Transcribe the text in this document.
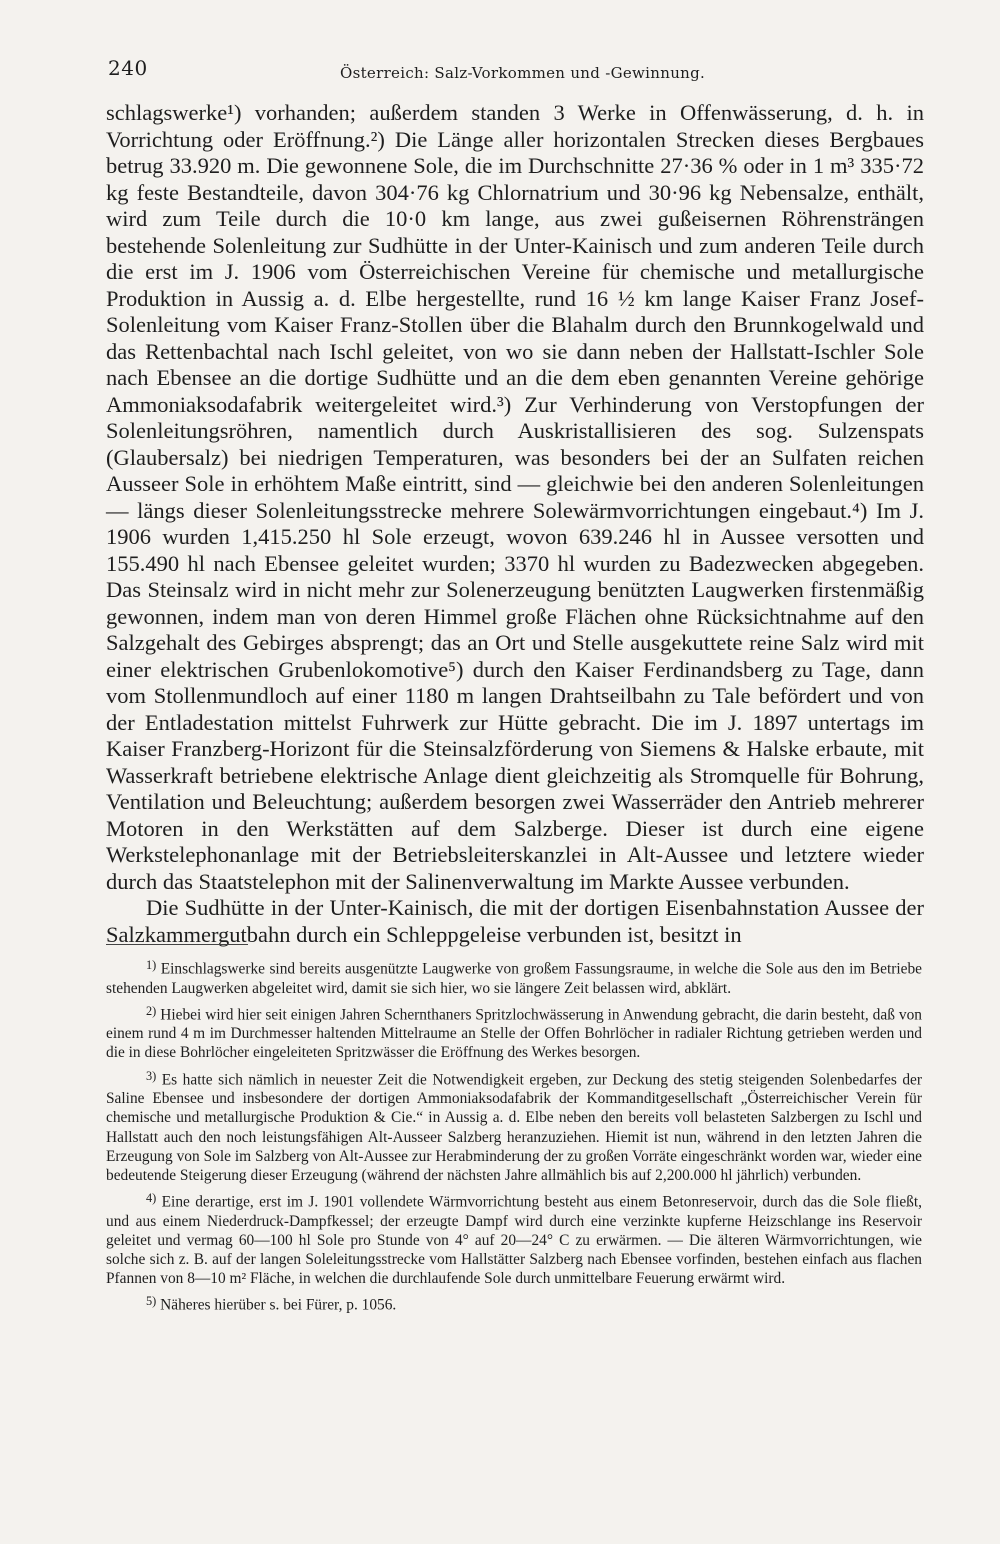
240	Österreich: Salz-Vorkommen und -Gewinnung.

schlagswerke¹) vorhanden; außerdem standen 3 Werke in Offenwässerung, d. h. in Vorrichtung oder Eröffnung.²) Die Länge aller horizontalen Strecken dieses Bergbaues betrug 33.920 m. Die gewonnene Sole, die im Durchschnitte 27·36 % oder in 1 m³ 335·72 kg feste Bestandteile, davon 304·76 kg Chlornatrium und 30·96 kg Nebensalze, enthält, wird zum Teile durch die 10·0 km lange, aus zwei gußeisernen Röhrensträngen bestehende Solenleitung zur Sudhütte in der Unter-Kainisch und zum anderen Teile durch die erst im J. 1906 vom Österreichischen Vereine für chemische und metallurgische Produktion in Aussig a. d. Elbe hergestellte, rund 16 ½ km lange Kaiser Franz Josef-Solenleitung vom Kaiser Franz-Stollen über die Blahalm durch den Brunnkogelwald und das Rettenbachtal nach Ischl geleitet, von wo sie dann neben der Hallstatt-Ischler Sole nach Ebensee an die dortige Sudhütte und an die dem eben genannten Vereine gehörige Ammoniaksodafabrik weitergeleitet wird.³) Zur Verhinderung von Verstopfungen der Solenleitungsröhren, namentlich durch Auskristallisieren des sog. Sulzenspats (Glaubersalz) bei niedrigen Temperaturen, was besonders bei der an Sulfaten reichen Ausseer Sole in erhöhtem Maße eintritt, sind — gleichwie bei den anderen Solenleitungen — längs dieser Solenleitungsstrecke mehrere Solewärmvorrichtungen eingebaut.⁴) Im J. 1906 wurden 1,415.250 hl Sole erzeugt, wovon 639.246 hl in Aussee versotten und 155.490 hl nach Ebensee geleitet wurden; 3370 hl wurden zu Badezwecken abgegeben. Das Steinsalz wird in nicht mehr zur Solenerzeugung benützten Laugwerken firstenmäßig gewonnen, indem man von deren Himmel große Flächen ohne Rücksichtnahme auf den Salzgehalt des Gebirges absprengt; das an Ort und Stelle ausgekuttete reine Salz wird mit einer elektrischen Grubenlokomotive⁵) durch den Kaiser Ferdinandsberg zu Tage, dann vom Stollenmundloch auf einer 1180 m langen Drahtseilbahn zu Tale befördert und von der Entladestation mittelst Fuhrwerk zur Hütte gebracht. Die im J. 1897 untertags im Kaiser Franzberg-Horizont für die Steinsalzförderung von Siemens & Halske erbaute, mit Wasserkraft betriebene elektrische Anlage dient gleichzeitig als Stromquelle für Bohrung, Ventilation und Beleuchtung; außerdem besorgen zwei Wasserräder den Antrieb mehrerer Motoren in den Werkstätten auf dem Salzberge. Dieser ist durch eine eigene Werkstelephonanlage mit der Betriebsleiterskanzlei in Alt-Aussee und letztere wieder durch das Staatstelephon mit der Salinenverwaltung im Markte Aussee verbunden.

Die Sudhütte in der Unter-Kainisch, die mit der dortigen Eisenbahnstation Aussee der Salzkammergutbahn durch ein Schleppgeleise verbunden ist, besitzt in

$^{1)}$ Einschlagswerke sind bereits ausgenützte Laugwerke von großem Fassungsraume, in welche die Sole aus den im Betriebe stehenden Laugwerken abgeleitet wird, damit sie sich hier, wo sie längere Zeit belassen wird, abklärt.

$^{2)}$ Hiebei wird hier seit einigen Jahren Schernthaners Spritzlochwässerung in Anwendung gebracht, die darin besteht, daß von einem rund 4 m im Durchmesser haltenden Mittelraume an Stelle der Offen Bohrlöcher in radialer Richtung getrieben werden und die in diese Bohrlöcher eingeleiteten Spritzwässer die Eröffnung des Werkes besorgen.

$^{3)}$ Es hatte sich nämlich in neuester Zeit die Notwendigkeit ergeben, zur Deckung des stetig steigenden Solenbedarfes der Saline Ebensee und insbesondere der dortigen Ammoniaksodafabrik der Kommanditgesellschaft „Österreichischer Verein für chemische und metallurgische Produktion & Cie.“ in Aussig a. d. Elbe neben den bereits voll belasteten Salzbergen zu Ischl und Hallstatt auch den noch leistungsfähigen Alt-Ausseer Salzberg heranzuziehen. Hiemit ist nun, während in den letzten Jahren die Erzeugung von Sole im Salzberg von Alt-Aussee zur Herabminderung der zu großen Vorräte eingeschränkt worden war, wieder eine bedeutende Steigerung dieser Erzeugung (während der nächsten Jahre allmählich bis auf 2,200.000 hl jährlich) verbunden.

$^{4)}$ Eine derartige, erst im J. 1901 vollendete Wärmvorrichtung besteht aus einem Betonreservoir, durch das die Sole fließt, und aus einem Niederdruck-Dampfkessel; der erzeugte Dampf wird durch eine verzinkte kupferne Heizschlange ins Reservoir geleitet und vermag 60—100 hl Sole pro Stunde von 4° auf 20—24° C zu erwärmen. — Die älteren Wärmvorrichtungen, wie solche sich z. B. auf der langen Soleleitungsstrecke vom Hallstätter Salzberg nach Ebensee vorfinden, bestehen einfach aus flachen Pfannen von 8—10 m² Fläche, in welchen die durchlaufende Sole durch unmittelbare Feuerung erwärmt wird.

$^{5)}$ Näheres hierüber s. bei Fürer, p. 1056.
